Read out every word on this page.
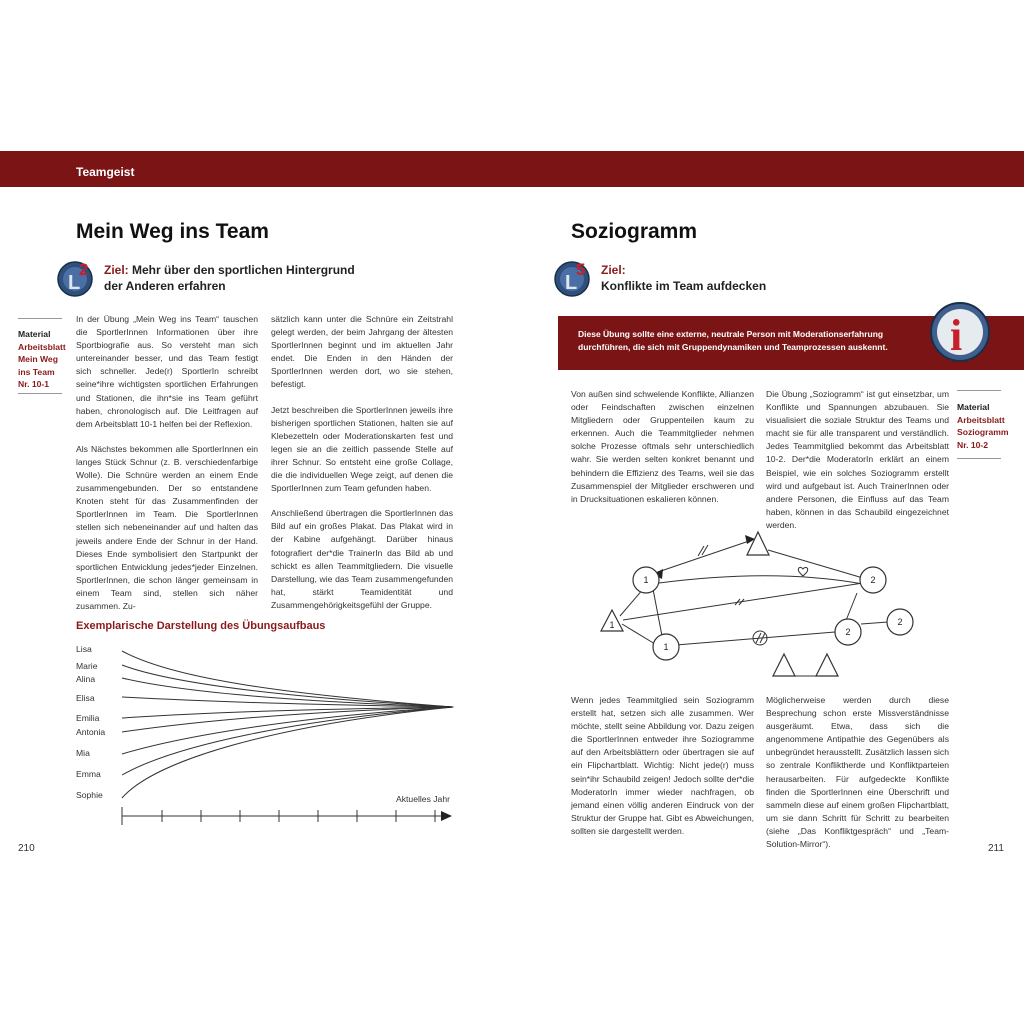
Teamgeist
Mein Weg ins Team
L
2 Ziel: Mehr über den sportlichen Hintergrund
der Anderen erfahren
Material
Arbeitsblatt
Mein Weg
ins Team
Nr. 10-1

In der Übung „Mein Weg ins Team“ tauschen die SportlerInnen Informationen über ihre Sportbiografie aus. So versteht man sich untereinander besser, und das Team festigt sich schneller. Jede(r) SportlerIn schreibt seine*ihre wichtigsten sportlichen Erfahrungen und Stationen, die ihn*sie ins Team geführt haben, chronologisch auf. Die Leitfragen auf dem Arbeitsblatt 10-1 helfen bei der Reflexion.

Als Nächstes bekommen alle SportlerInnen ein langes Stück Schnur (z. B. verschiedenfarbige Wolle). Die Schnüre werden an einem Ende zusammengebunden. Der so entstandene Knoten steht für das Zusammenfinden der SportlerInnen im Team. Die SportlerInnen stellen sich nebeneinander auf und halten das jeweils andere Ende der Schnur in der Hand. Dieses Ende symbolisiert den Startpunkt der sportlichen Entwicklung jedes*jeder Einzelnen. SportlerInnen, die schon länger gemeinsam in einem Team sind, stellen sich näher zusammen. Zu-

sätzlich kann unter die Schnüre ein Zeitstrahl gelegt werden, der beim Jahrgang der ältesten SportlerInnen beginnt und im aktuellen Jahr endet. Die Enden in den Händen der SportlerInnen werden dort, wo sie stehen, befestigt.

Jetzt beschreiben die SportlerInnen jeweils ihre bisherigen sportlichen Stationen, halten sie auf Klebezetteln oder Moderationskarten fest und legen sie an die zeitlich passende Stelle auf ihrer Schnur. So entsteht eine große Collage, die die individuellen Wege zeigt, auf denen die SportlerInnen zum Team gefunden haben.

Anschließend übertragen die SportlerInnen das Bild auf ein großes Plakat. Das Plakat wird in der Kabine aufgehängt. Darüber hinaus fotografiert der*die TrainerIn das Bild ab und schickt es allen Teammitgliedern. Die visuelle Darstellung, wie das Team zusammengefunden hat, stärkt Teamidentität und Zusammengehörigkeitsgefühl der Gruppe.

Exemplarische Darstellung des Übungsaufbaus
Lisa
Marie
Alina
Elisa
Emilia
Antonia
Mia
Emma
Sophie	Aktuelles Jahr
210
Soziogramm
L
5 Ziel:
Konflikte im Team aufdecken
Diese Übung sollte eine externe, neutrale Person mit Moderationserfahrung durchführen, die sich mit Gruppendynamiken und Teamprozessen auskennt.	i

Von außen sind schwelende Konflikte, Allianzen oder Feindschaften zwischen einzelnen Mitgliedern oder Gruppenteilen kaum zu erkennen. Auch die Teammitglieder nehmen solche Prozesse oftmals sehr unterschiedlich wahr. Sie werden selten konkret benannt und behindern die Effizienz des Teams, weil sie das Zusammenspiel der Mitglieder erschweren und in Drucksituationen eskalieren können.

Die Übung „Soziogramm“ ist gut einsetzbar, um Konflikte und Spannungen abzubauen. Sie visualisiert die soziale Struktur des Teams und macht sie für alle transparent und verständlich. Jedes Teammitglied bekommt das Arbeitsblatt 10-2. Der*die ModeratorIn erklärt an einem Beispiel, wie ein solches Soziogramm erstellt wird und aufgebaut ist. Auch TrainerInnen oder andere Personen, die Einfluss auf das Team haben, können in das Schaubild eingezeichnet werden.

Material
Arbeitsblatt
Soziogramm
Nr. 10-2
1
1
1
2
2
2

Wenn jedes Teammitglied sein Soziogramm erstellt hat, setzen sich alle zusammen. Wer möchte, stellt seine Abbildung vor. Dazu zeigen die SportlerInnen entweder ihre Soziogramme auf den Arbeitsblättern oder übertragen sie auf ein Flipchartblatt. Wichtig: Nicht jede(r) muss sein*ihr Schaubild zeigen! Jedoch sollte der*die ModeratorIn immer wieder nachfragen, ob jemand einen völlig anderen Eindruck von der Struktur der Gruppe hat. Gibt es Abweichungen, sollten sie dargestellt werden.

Möglicherweise werden durch diese Besprechung schon erste Missverständnisse ausgeräumt. Etwa, dass sich die angenommene Antipathie des Gegenübers als unbegründet herausstellt. Zusätzlich lassen sich so zentrale Konfliktherde und Konfliktparteien herausarbeiten. Für aufgedeckte Konflikte finden die SportlerInnen eine Überschrift und sammeln diese auf einem großen Flipchartblatt, um sie dann Schritt für Schritt zu bearbeiten (siehe „Das Konfliktgespräch“ und „Team-Solution-Mirror“).	211
